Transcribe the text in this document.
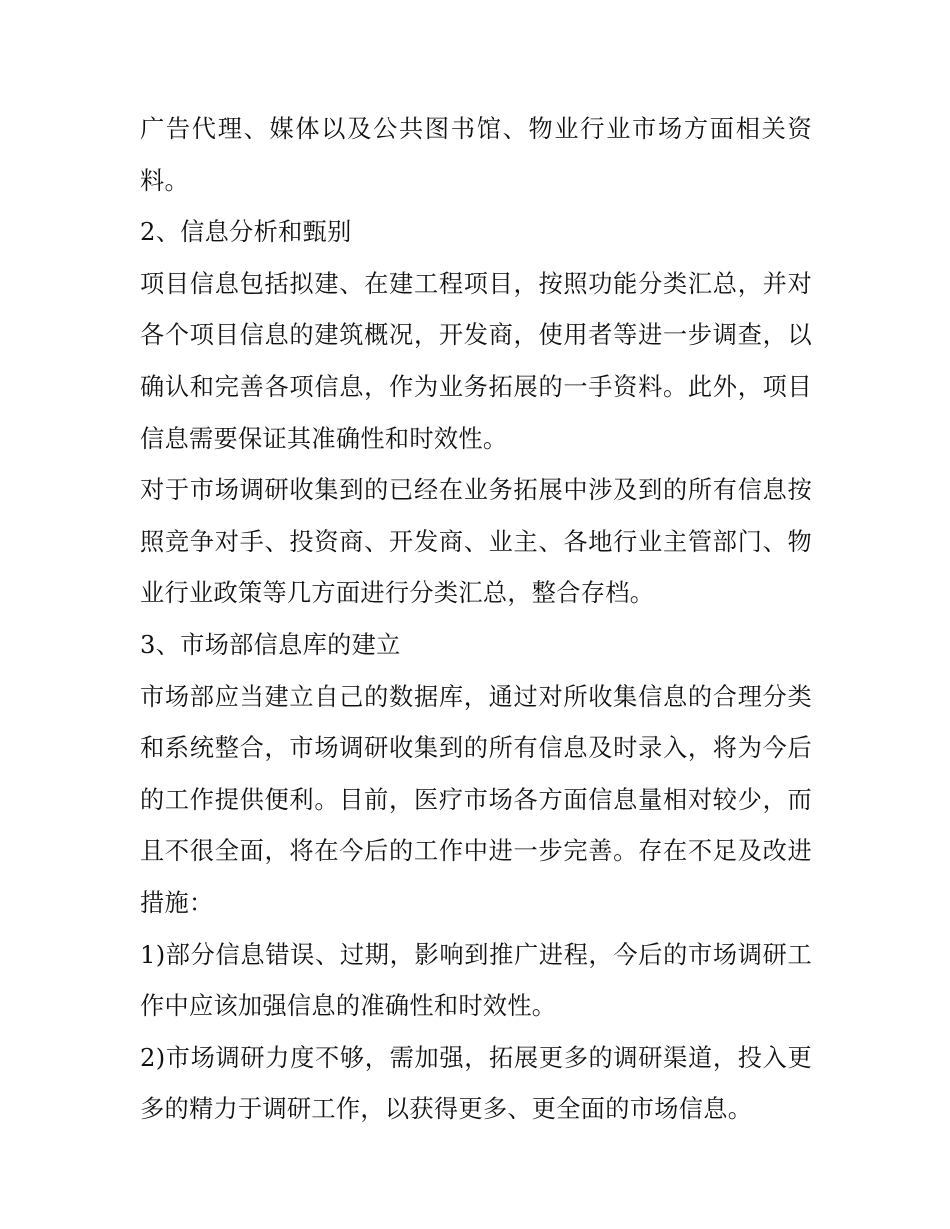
广告代理、媒体以及公共图书馆、物业行业市场方面相关资料。

2、信息分析和甄别

项目信息包括拟建、在建工程项目，按照功能分类汇总，并对各个项目信息的建筑概况，开发商，使用者等进一步调查，以确认和完善各项信息，作为业务拓展的一手资料。此外，项目信息需要保证其准确性和时效性。

对于市场调研收集到的已经在业务拓展中涉及到的所有信息按照竞争对手、投资商、开发商、业主、各地行业主管部门、物业行业政策等几方面进行分类汇总，整合存档。

3、市场部信息库的建立

市场部应当建立自己的数据库，通过对所收集信息的合理分类和系统整合，市场调研收集到的所有信息及时录入，将为今后的工作提供便利。目前，医疗市场各方面信息量相对较少，而且不很全面，将在今后的工作中进一步完善。存在不足及改进措施：

1)部分信息错误、过期，影响到推广进程，今后的市场调研工作中应该加强信息的准确性和时效性。

2)市场调研力度不够，需加强，拓展更多的调研渠道，投入更多的精力于调研工作，以获得更多、更全面的市场信息。
